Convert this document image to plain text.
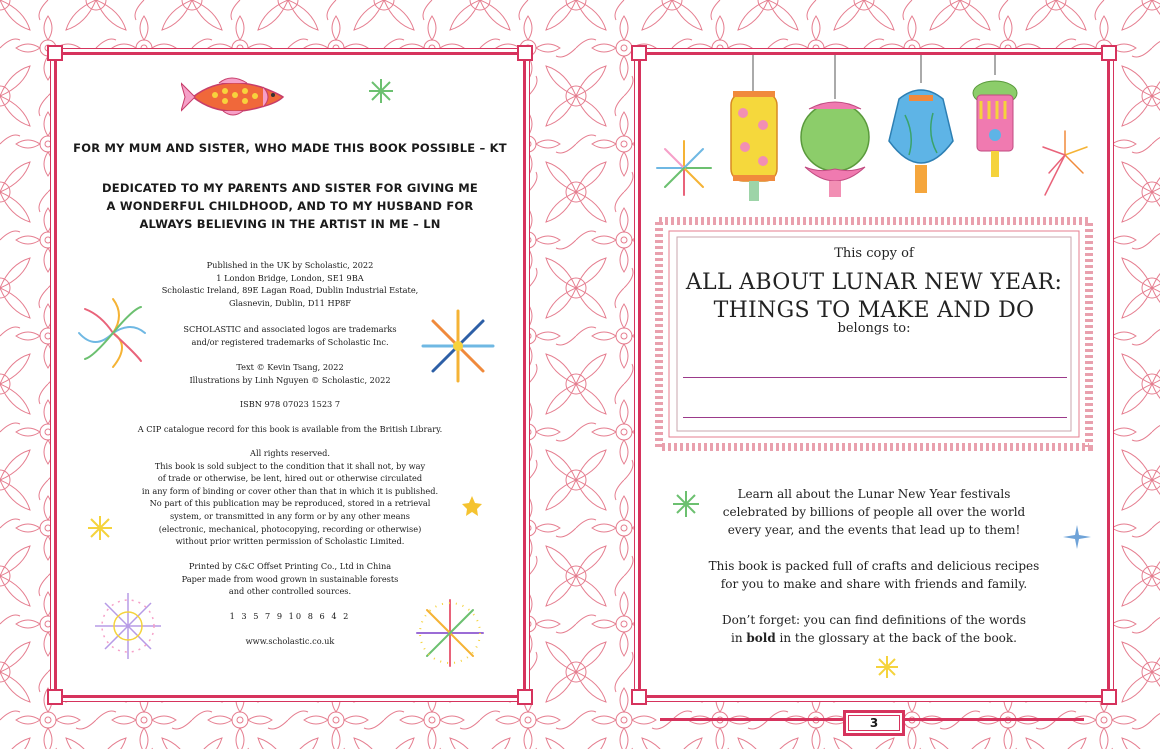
FOR MY MUM AND SISTER, WHO MADE THIS BOOK POSSIBLE – KT
DEDICATED TO MY PARENTS AND SISTER FOR GIVING ME
A WONDERFUL CHILDHOOD, AND TO MY HUSBAND FOR
ALWAYS BELIEVING IN THE ARTIST IN ME – LN
Published in the UK by Scholastic, 2022
1 London Bridge, London, SE1 9BA
Scholastic Ireland, 89E Lagan Road, Dublin Industrial Estate,
Glasnevin, Dublin, D11 HP8F
SCHOLASTIC and associated logos are trademarks
and/or registered trademarks of Scholastic Inc.
Text © Kevin Tsang, 2022
Illustrations by Linh Nguyen © Scholastic, 2022
ISBN 978 07023 1523 7
A CIP catalogue record for this book is available from the British Library.
All rights reserved.
This book is sold subject to the condition that it shall not, by way
of trade or otherwise, be lent, hired out or otherwise circulated
in any form of binding or cover other than that in which it is published.
No part of this publication may be reproduced, stored in a retrieval
system, or transmitted in any form or by any other means
(electronic, mechanical, photocopying, recording or otherwise)
without prior written permission of Scholastic Limited.
Printed by C&C Offset Printing Co., Ltd in China
Paper made from wood grown in sustainable forests
and other controlled sources.
1 3 5 7 9 10 8 6 4 2
www.scholastic.co.uk
This copy of
ALL ABOUT LUNAR NEW YEAR:
THINGS TO MAKE AND DO
belongs to:
Learn all about the Lunar New Year festivals
celebrated by billions of people all over the world
every year, and the events that lead up to them!
This book is packed full of crafts and delicious recipes
for you to make and share with friends and family.
Don’t forget: you can find definitions of the words
in bold in the glossary at the back of the book.
3
